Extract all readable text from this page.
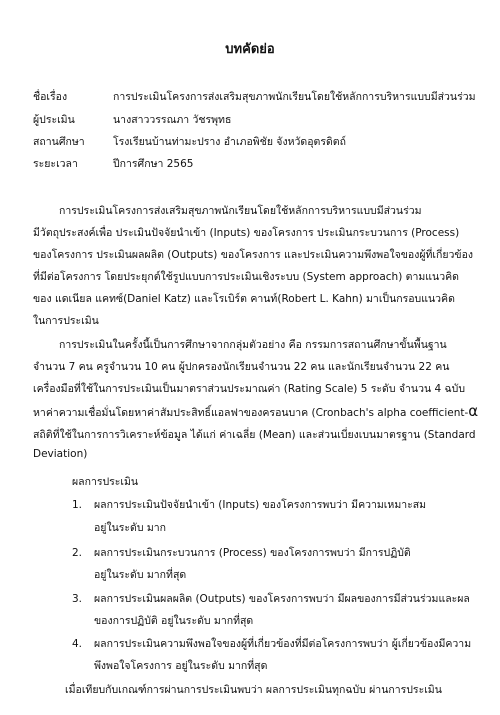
บทคัดย่อ
ชื่อเรื่อง	การประเมินโครงการส่งเสริมสุขภาพนักเรียนโดยใช้หลักการบริหารแบบมีส่วนร่วม
ผู้ประเมิน	นางสาววรรณภา วัชรพุทธ
สถานศึกษา	โรงเรียนบ้านท่ามะปราง อำเภอพิชัย จังหวัดอุตรดิตถ์
ระยะเวลา	ปีการศึกษา 2565
การประเมินโครงการส่งเสริมสุขภาพนักเรียนโดยใช้หลักการบริหารแบบมีส่วนร่วม
มีวัตถุประสงค์เพื่อ ประเมินปัจจัยนำเข้า (Inputs) ของโครงการ ประเมินกระบวนการ (Process)
ของโครงการ ประเมินผลผลิต (Outputs) ของโครงการ และประเมินความพึงพอใจของผู้ที่เกี่ยวข้อง
ที่มีต่อโครงการ โดยประยุกต์ใช้รูปแบบการประเมินเชิงระบบ (System approach) ตามแนวคิด
ของ แดเนียล แคทซ์(Daniel Katz) และโรเบิร์ต คานท์(Robert L. Kahn) มาเป็นกรอบแนวคิด
ในการประเมิน
การประเมินในครั้งนี้เป็นการศึกษาจากกลุ่มตัวอย่าง คือ กรรมการสถานศึกษาขั้นพื้นฐาน
จำนวน 7 คน ครูจำนวน 10 คน ผู้ปกครองนักเรียนจำนวน 22 คน และนักเรียนจำนวน 22 คน
เครื่องมือที่ใช้ในการประเมินเป็นมาตราส่วนประมาณค่า (Rating Scale) 5 ระดับ จำนวน 4 ฉบับ
หาค่าความเชื่อมั่นโดยหาค่าสัมประสิทธิ์แอลฟาของครอนบาค (Cronbach's alpha coefficient-α
สถิติที่ใช้ในการการวิเคราะห์ข้อมูล ได้แก่ ค่าเฉลี่ย (Mean) และส่วนเบี่ยงเบนมาตรฐาน (Standard
Deviation)
ผลการประเมิน
1. ผลการประเมินปัจจัยนำเข้า (Inputs) ของโครงการพบว่า มีความเหมาะสม
อยู่ในระดับ มาก
2. ผลการประเมินกระบวนการ (Process) ของโครงการพบว่า มีการปฏิบัติ
อยู่ในระดับ มากที่สุด
3. ผลการประเมินผลผลิต (Outputs) ของโครงการพบว่า มีผลของการมีส่วนร่วมและผล
ของการปฏิบัติ อยู่ในระดับ มากที่สุด
4. ผลการประเมินความพึงพอใจของผู้ที่เกี่ยวข้องที่มีต่อโครงการพบว่า ผู้เกี่ยวข้องมีความ
พึงพอใจโครงการ อยู่ในระดับ มากที่สุด
เมื่อเทียบกับเกณฑ์การผ่านการประเมินพบว่า ผลการประเมินทุกฉบับ ผ่านการประเมิน
